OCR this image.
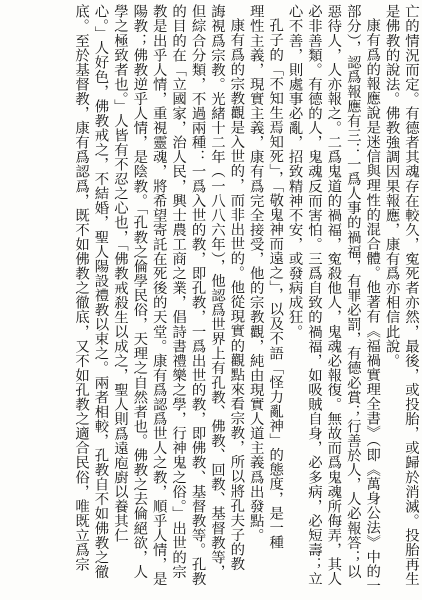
亡的情況而定。有德者其魂存在較久，寃死者亦然，最後，或投胎，或歸於消滅。投胎再生
是佛教的說法。佛教強調因果報應，康有爲亦相信此說。
康有爲的報應說是迷信與理性的混合體。他著有《福禍實理全書》（即《萬身公法》中的一
部分），認爲報應有三：一爲人事的禍福，有罪必罰，有德必賞；行善於人，人必報答；以
惡待人，人亦報之。二爲鬼道的禍福，寃殺他人，鬼魂必報復。無故而爲鬼魂所侮弄，其人
必非善類。有德的人，鬼魂反而害怕。三爲自致的禍福，如吸賊自身，必多病，必短壽；立
心不善，則處事必亂，招致精神不安，或發病成狂。
孔子的「不知生焉知死」，「敬鬼神而遠之」，以及不語「怪力亂神」的態度，是一種
理性主義，現實主義，康有爲完全接受，他的宗教觀，純由現實人道主義爲出發點。
康有爲的宗教觀是入世的，而非出世的。他從現實的觀點來看宗教，所以將孔夫子的教
誨視爲宗教。光緒十二年（一八八六年），他認爲世界上有孔教、佛教、回教、基督教等，
但綜合分類，不過兩種：一爲入世的教，即孔教，一爲出世的教，即佛教、基督教等。孔教
的目的在「立國家，治人民，興士農工商之業，倡詩書禮樂之學，行神鬼之俗。」出世的宗
教是出乎人情，重視靈魂，將希望寄託在死後的天堂。康有爲認爲世人之教，順乎人情，是
陽教；佛教逆乎人情，是陰教。「孔教之倫學民俗，天理之自然者也。佛教之去倫絕欲，人
學之極致者也。」人皆有不忍之心也，「佛教戒殺生以成之，聖人則爲遠庖廚以養其仁
心。」人好色，佛教戒之，不結婚，聖人陽設禮教以束之。兩者相較，孔教自不如佛教之徹
底。至於基督教，康有爲認爲，既不如佛教之徹底，又不如孔教之適合民俗，唯既立爲宗
